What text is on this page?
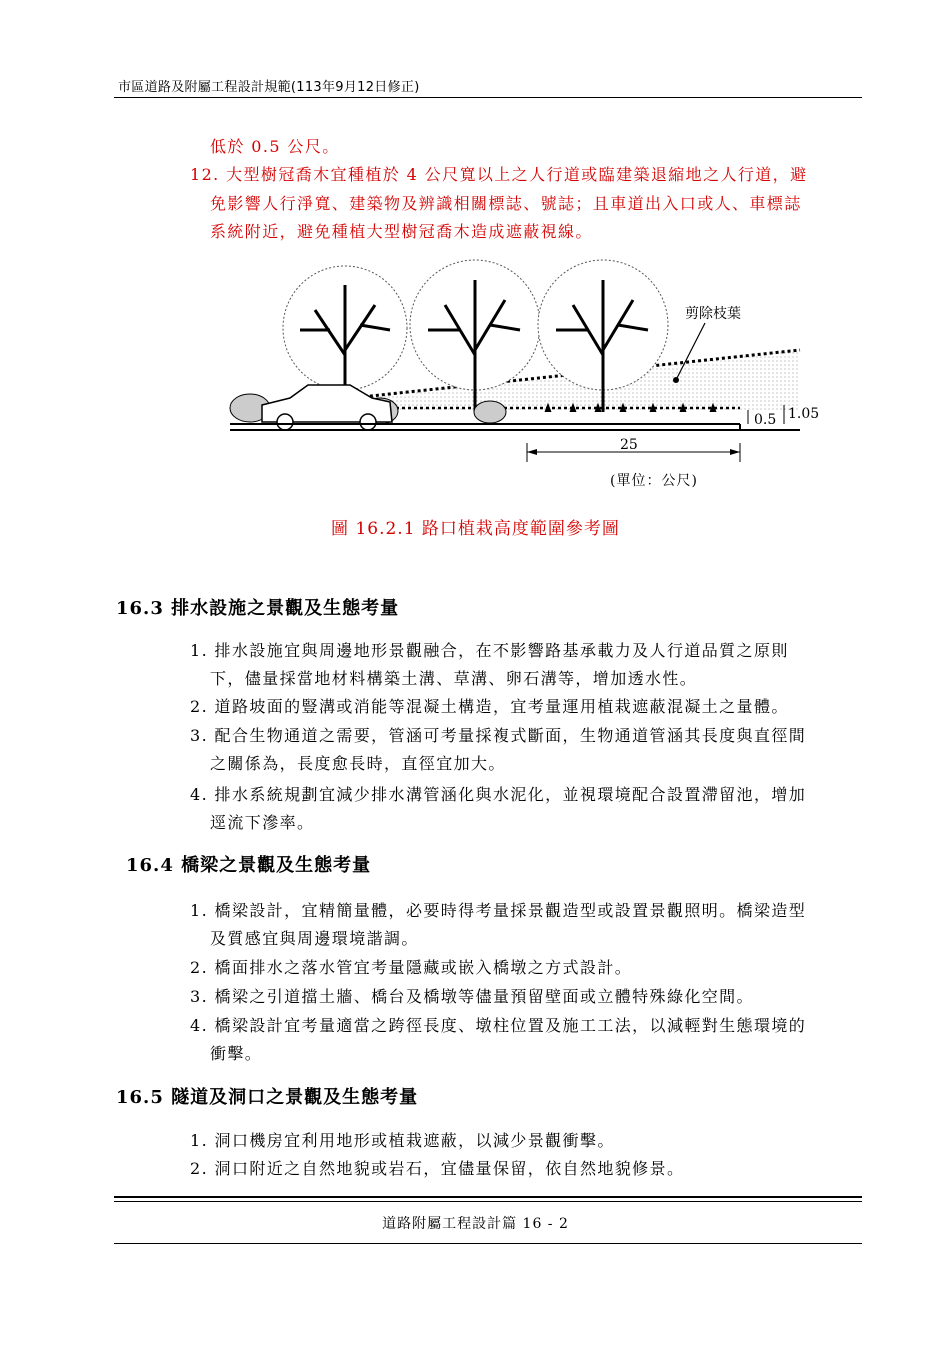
市區道路及附屬工程設計規範(113年9月12日修正)
低於 0.5 公尺。
12. 大型樹冠喬木宜種植於 4 公尺寬以上之人行道或臨建築退縮地之人行道，避
免影響人行淨寬、建築物及辨識相關標誌、號誌；且車道出入口或人、車標誌
系統附近，避免種植大型樹冠喬木造成遮蔽視線。
剪除枝葉
0.5 1.05
25
(單位：公尺)
圖 16.2.1 路口植栽高度範圍參考圖
16.3 排水設施之景觀及生態考量
1. 排水設施宜與周邊地形景觀融合，在不影響路基承載力及人行道品質之原則
下，儘量採當地材料構築土溝、草溝、卵石溝等，增加透水性。
2. 道路坡面的豎溝或消能等混凝土構造，宜考量運用植栽遮蔽混凝土之量體。
3. 配合生物通道之需要，管涵可考量採複式斷面，生物通道管涵其長度與直徑間
之關係為，長度愈長時，直徑宜加大。
4. 排水系統規劃宜減少排水溝管涵化與水泥化，並視環境配合設置滯留池，增加
逕流下滲率。
16.4 橋梁之景觀及生態考量
1. 橋梁設計，宜精簡量體，必要時得考量採景觀造型或設置景觀照明。橋梁造型
及質感宜與周邊環境諧調。
2. 橋面排水之落水管宜考量隱藏或嵌入橋墩之方式設計。
3. 橋梁之引道擋土牆、橋台及橋墩等儘量預留壁面或立體特殊綠化空間。
4. 橋梁設計宜考量適當之跨徑長度、墩柱位置及施工工法，以減輕對生態環境的
衝擊。
16.5 隧道及洞口之景觀及生態考量
1. 洞口機房宜利用地形或植栽遮蔽，以減少景觀衝擊。
2. 洞口附近之自然地貌或岩石，宜儘量保留，依自然地貌修景。
道路附屬工程設計篇 16 - 2
